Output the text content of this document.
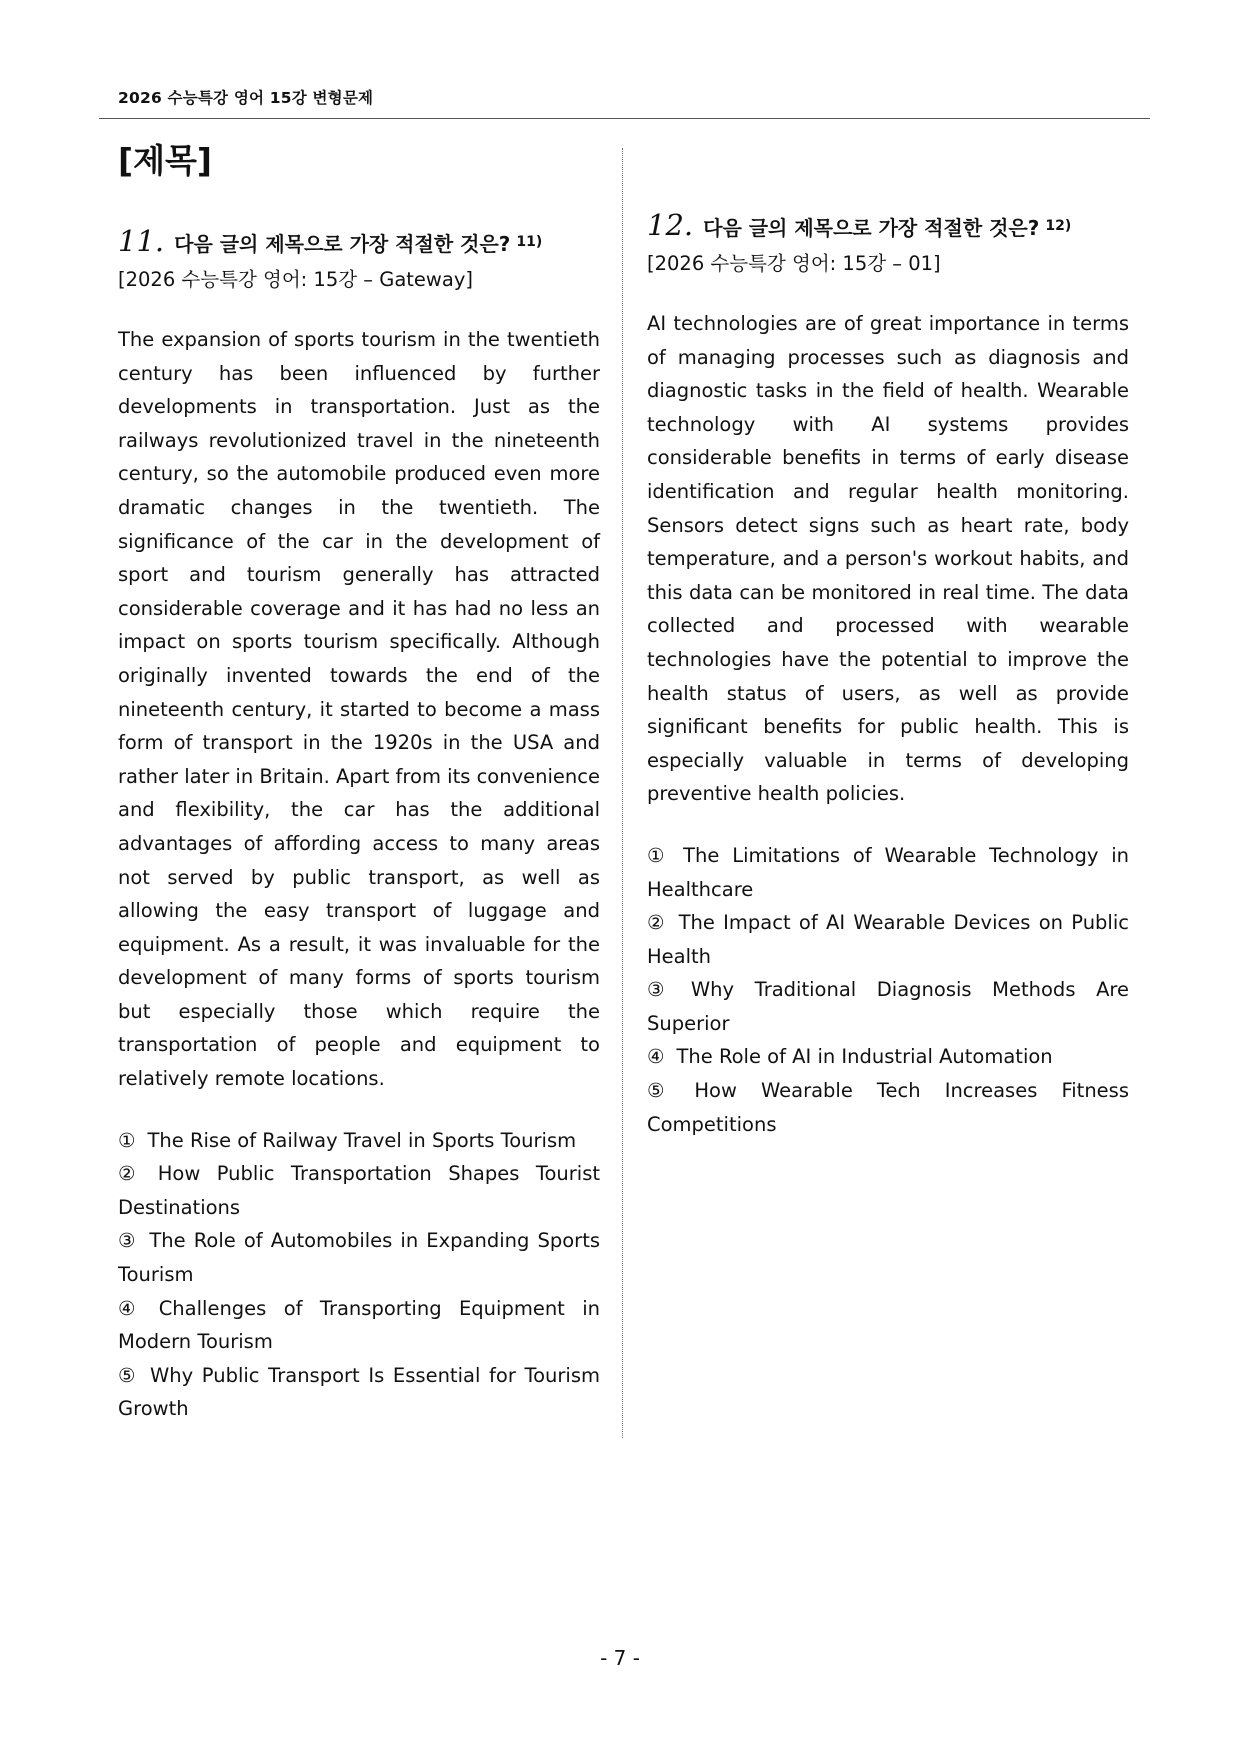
2026 수능특강 영어 15강 변형문제
[제목]

11. 다음 글의 제목으로 가장 적절한 것은? $^{11)}$

[2026 수능특강 영어: 15강 – Gateway]

The expansion of sports tourism in the twentieth century has been influenced by further developments in transportation. Just as the railways revolutionized travel in the nineteenth century, so the automobile produced even more dramatic changes in the twentieth. The significance of the car in the development of sport and tourism generally has attracted considerable coverage and it has had no less an impact on sports tourism specifically. Although originally invented towards the end of the nineteenth century, it started to become a mass form of transport in the 1920s in the USA and rather later in Britain. Apart from its convenience and flexibility, the car has the additional advantages of affording access to many areas not served by public transport, as well as allowing the easy transport of luggage and equipment. As a result, it was invaluable for the development of many forms of sports tourism but especially those which require the transportation of people and equipment to relatively remote locations.

① The Rise of Railway Travel in Sports Tourism
② How Public Transportation Shapes Tourist Destinations
③ The Role of Automobiles in Expanding Sports Tourism
④ Challenges of Transporting Equipment in Modern Tourism
⑤ Why Public Transport Is Essential for Tourism Growth

12. 다음 글의 제목으로 가장 적절한 것은? $^{12)}$

[2026 수능특강 영어: 15강 – 01]

AI technologies are of great importance in terms of managing processes such as diagnosis and diagnostic tasks in the field of health. Wearable technology with AI systems provides considerable benefits in terms of early disease identification and regular health monitoring. Sensors detect signs such as heart rate, body temperature, and a person's workout habits, and this data can be monitored in real time. The data collected and processed with wearable technologies have the potential to improve the health status of users, as well as provide significant benefits for public health. This is especially valuable in terms of developing preventive health policies.

① The Limitations of Wearable Technology in Healthcare
② The Impact of AI Wearable Devices on Public Health
③ Why Traditional Diagnosis Methods Are Superior
④ The Role of AI in Industrial Automation
⑤ How Wearable Tech Increases Fitness Competitions
- 7 -
